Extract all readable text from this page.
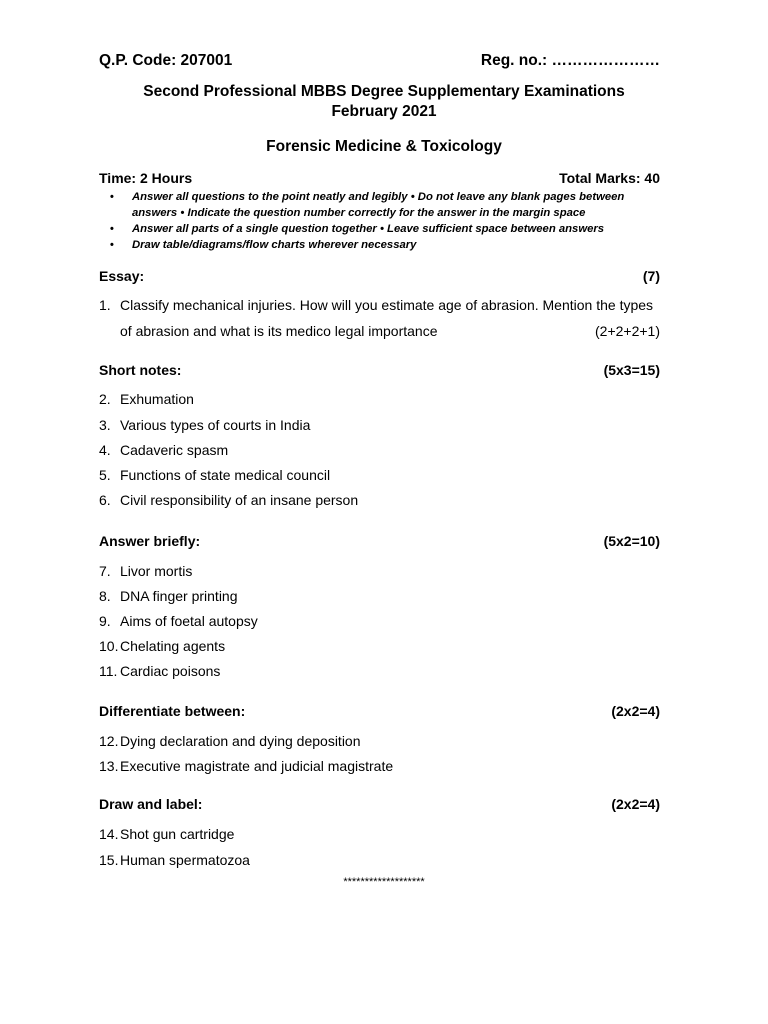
Q.P. Code: 207001	Reg. no.: …………………
Second Professional MBBS Degree Supplementary Examinations
February 2021
Forensic Medicine & Toxicology
Time: 2 Hours	Total Marks: 40
• Answer all questions to the point neatly and legibly • Do not leave any blank pages between answers • Indicate the question number correctly for the answer in the margin space
• Answer all parts of a single question together • Leave sufficient space between answers
• Draw table/diagrams/flow charts wherever necessary
Essay:	(7)
1. Classify mechanical injuries. How will you estimate age of abrasion. Mention the types
of abrasion and what is its medico legal importance	(2+2+2+1)
Short notes:	(5x3=15)
2. Exhumation
3. Various types of courts in India
4. Cadaveric spasm
5. Functions of state medical council
6. Civil responsibility of an insane person
Answer briefly:	(5x2=10)
7. Livor mortis
8. DNA finger printing
9. Aims of foetal autopsy
10. Chelating agents
11. Cardiac poisons
Differentiate between:	(2x2=4)
12. Dying declaration and dying deposition
13. Executive magistrate and judicial magistrate
Draw and label:	(2x2=4)
14. Shot gun cartridge
15. Human spermatozoa
*******************
